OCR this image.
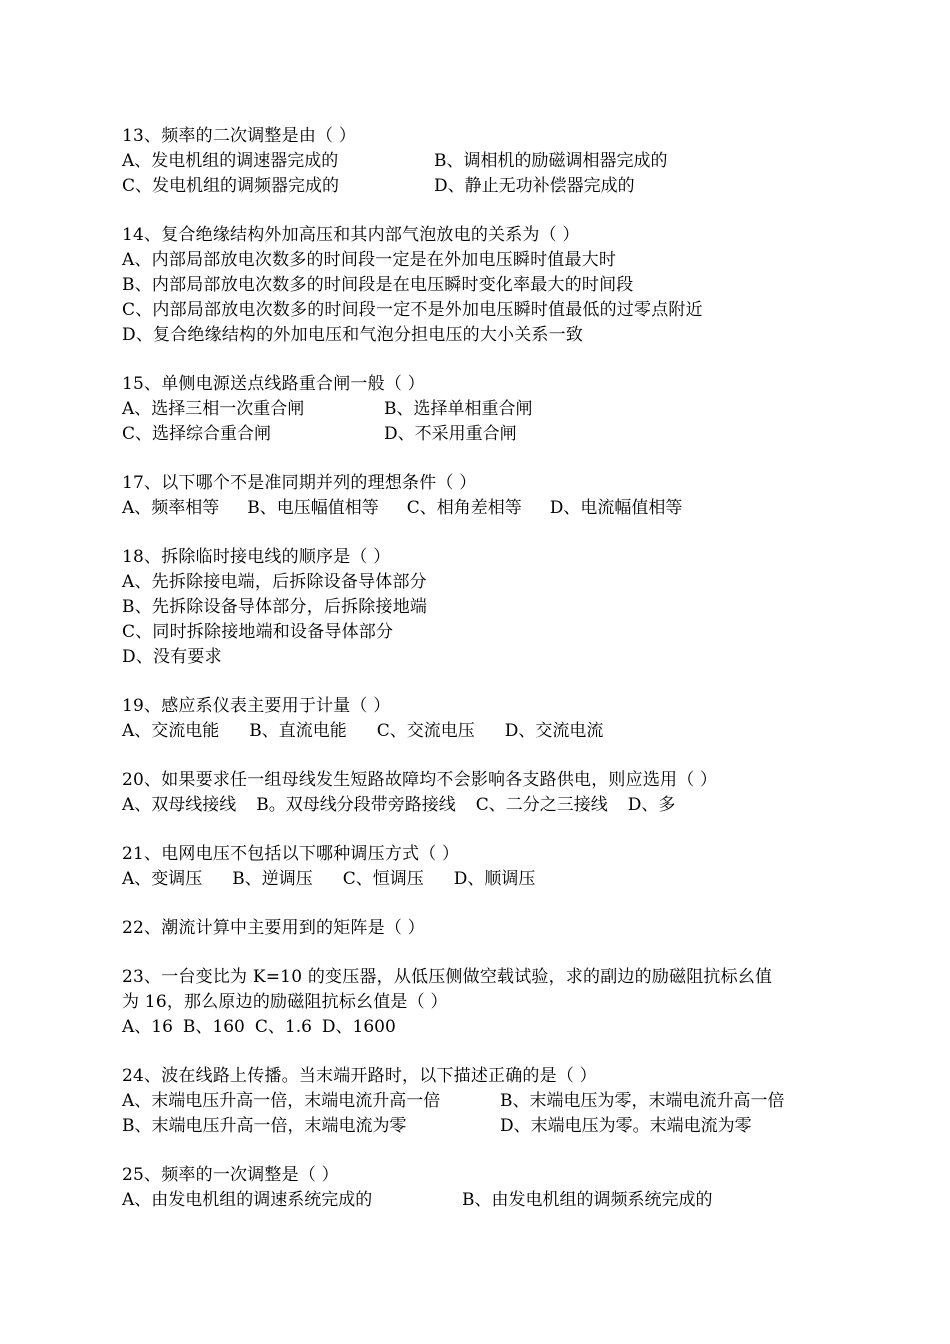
13、频率的二次调整是由（ ）
A、发电机组的调速器完成的	B、调相机的励磁调相器完成的
C、发电机组的调频器完成的	D、静止无功补偿器完成的
14、复合绝缘结构外加高压和其内部气泡放电的关系为（ ）
A、内部局部放电次数多的时间段一定是在外加电压瞬时值最大时
B、内部局部放电次数多的时间段是在电压瞬时变化率最大的时间段
C、内部局部放电次数多的时间段一定不是外加电压瞬时值最低的过零点附近
D、复合绝缘结构的外加电压和气泡分担电压的大小关系一致
15、单侧电源送点线路重合闸一般（ ）
A、选择三相一次重合闸	B、选择单相重合闸
C、选择综合重合闸	D、不采用重合闸
17、以下哪个不是准同期并列的理想条件（ ）
A、频率相等 B、电压幅值相等 C、相角差相等 D、电流幅值相等
18、拆除临时接电线的顺序是（ ）
A、先拆除接电端，后拆除设备导体部分
B、先拆除设备导体部分，后拆除接地端
C、同时拆除接地端和设备导体部分
D、没有要求
19、感应系仪表主要用于计量（ ）
A、交流电能 B、直流电能 C、交流电压 D、交流电流
20、如果要求任一组母线发生短路故障均不会影响各支路供电，则应选用（ ）
A、双母线接线 B。双母线分段带旁路接线 C、二分之三接线 D、多
21、电网电压不包括以下哪种调压方式（ ）
A、变调压 B、逆调压 C、恒调压 D、顺调压
22、潮流计算中主要用到的矩阵是（ ）
23、一台变比为 K=10 的变压器，从低压侧做空载试验，求的副边的励磁阻抗标幺值
为 16，那么原边的励磁阻抗标幺值是（ ）
A、16 B、160 C、1.6 D、1600
24、波在线路上传播。当末端开路时，以下描述正确的是（ ）
A、末端电压升高一倍，末端电流升高一倍	B、末端电压为零，末端电流升高一倍
B、末端电压升高一倍，末端电流为零	D、末端电压为零。末端电流为零
25、频率的一次调整是（ ）
A、由发电机组的调速系统完成的	B、由发电机组的调频系统完成的
